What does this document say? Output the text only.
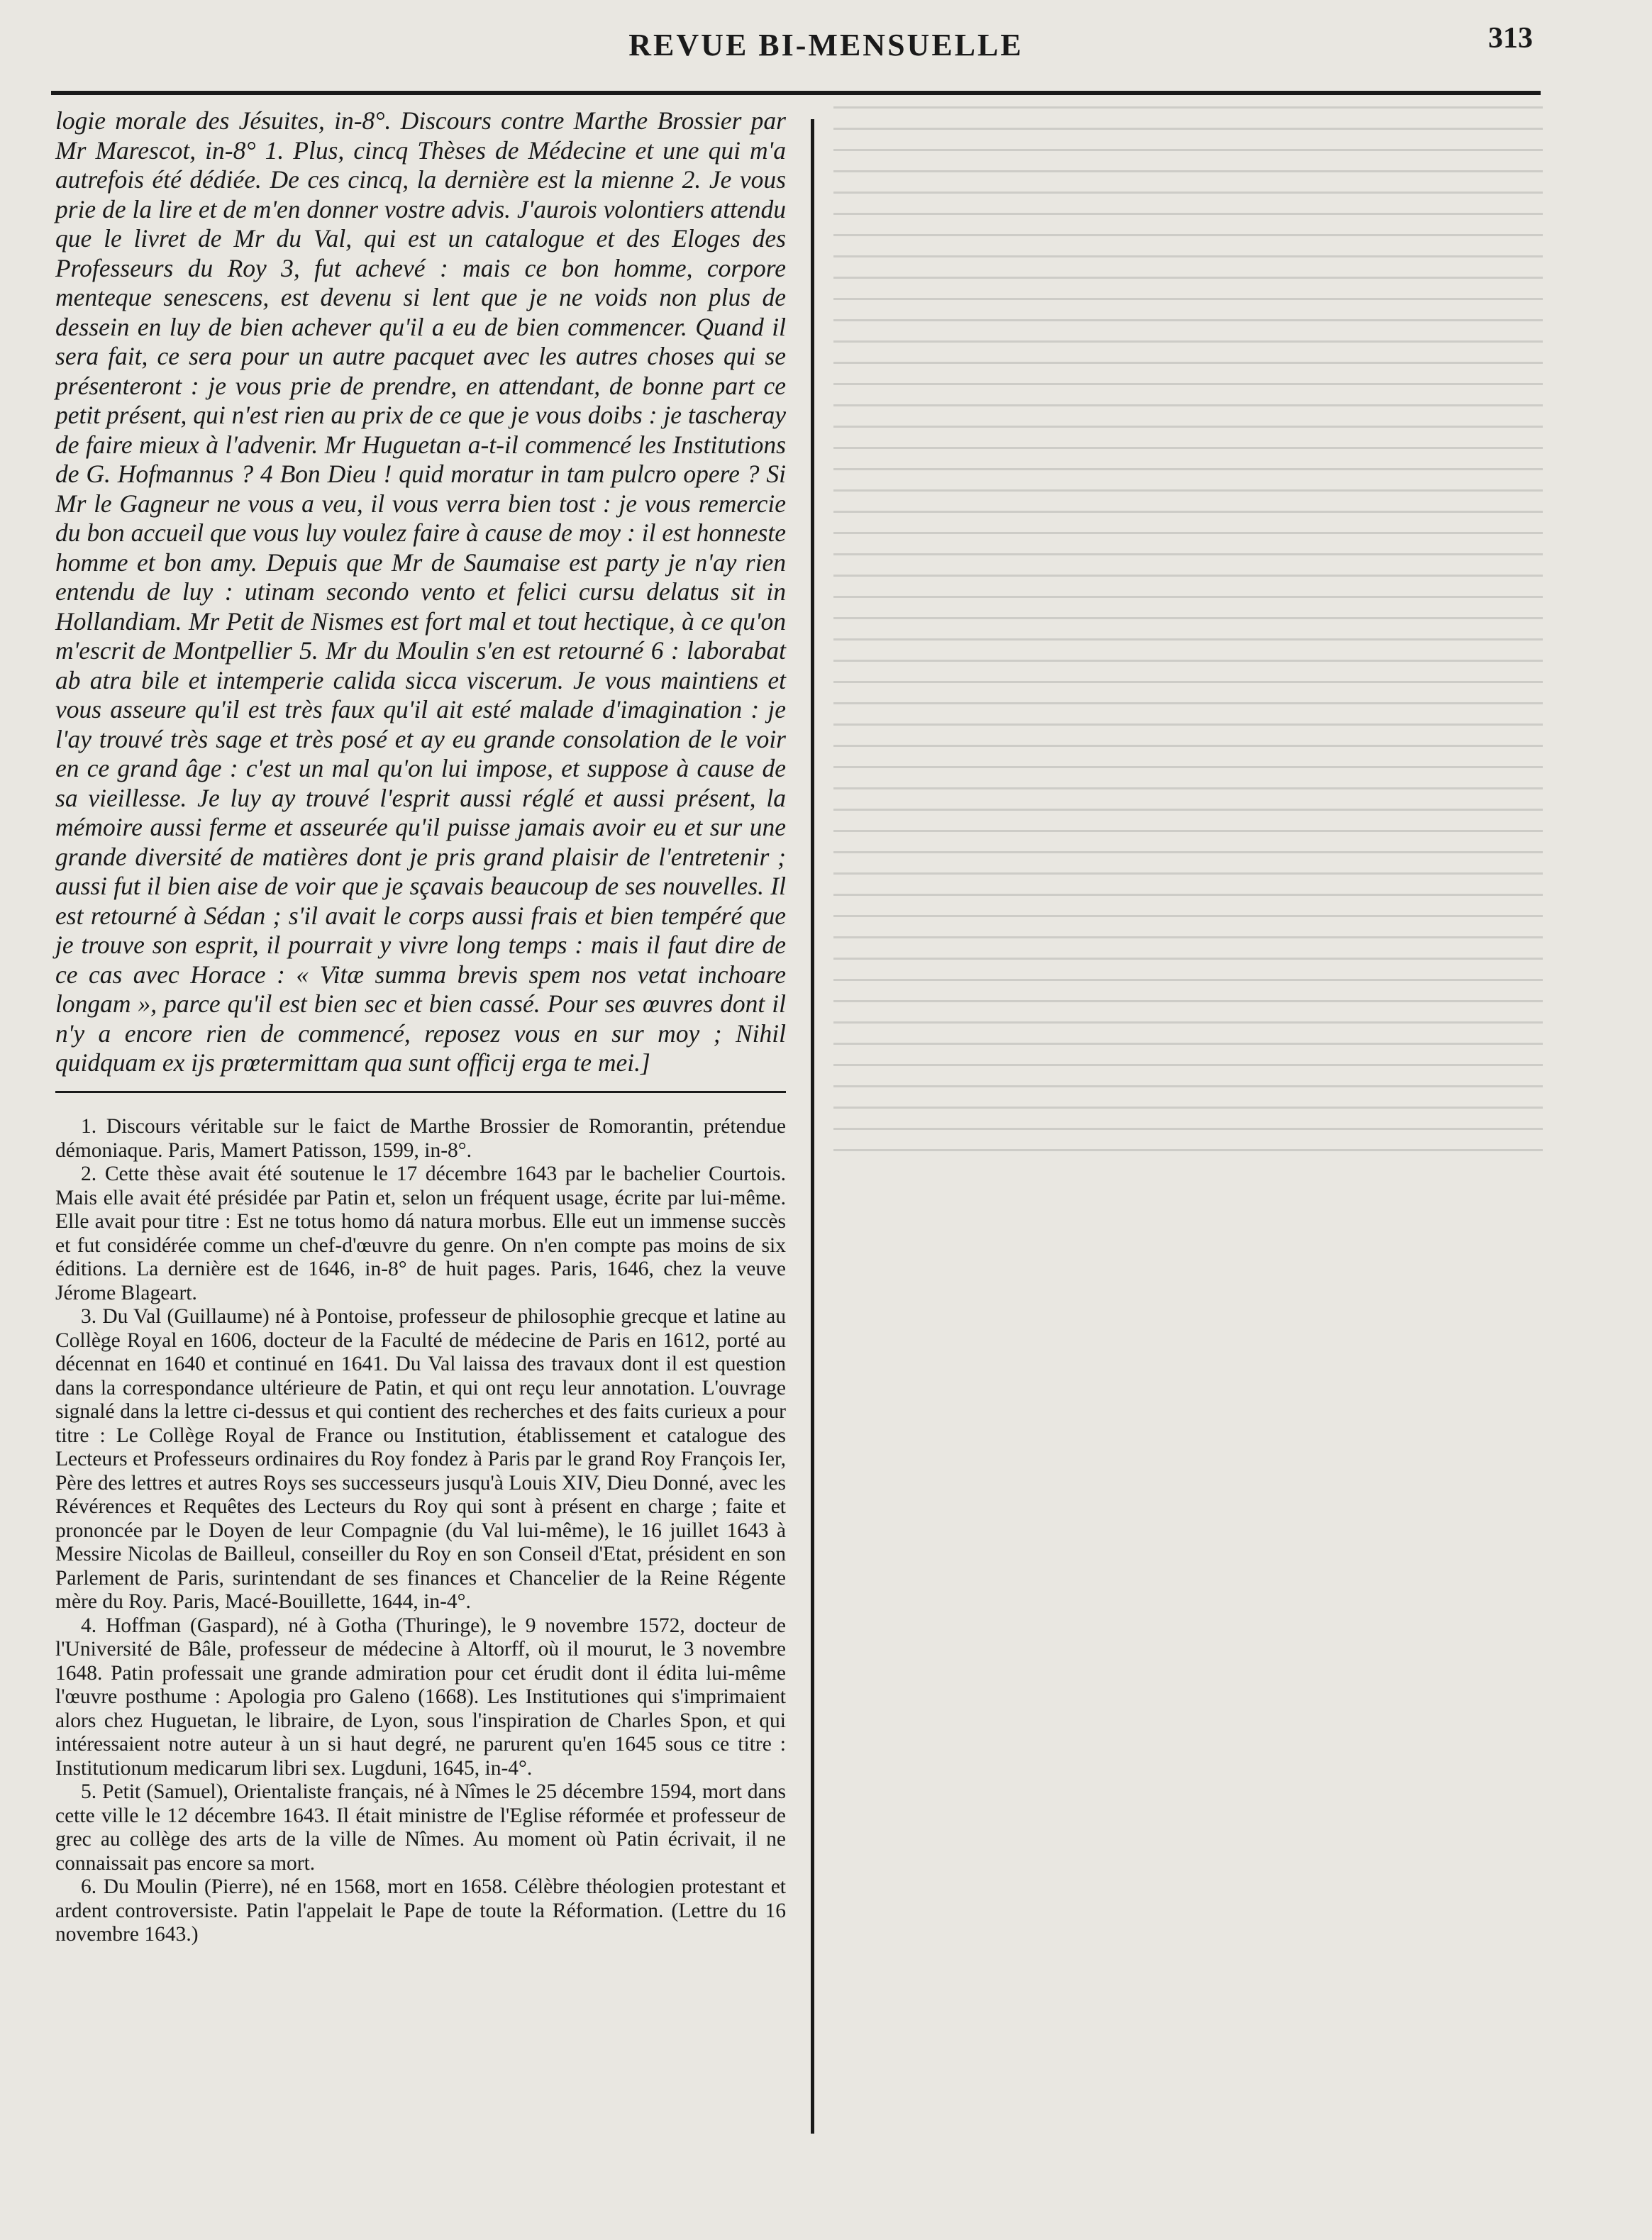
REVUE BI-MENSUELLE	313

logie morale des Jésuites, in-8°. Discours contre Marthe Brossier par Mr Marescot, in-8° 1. Plus, cincq Thèses de Médecine et une qui m'a autrefois été dédiée. De ces cincq, la dernière est la mienne 2. Je vous prie de la lire et de m'en donner vostre advis. J'aurois volontiers attendu que le livret de Mr du Val, qui est un catalogue et des Eloges des Professeurs du Roy 3, fut achevé : mais ce bon homme, corpore menteque senescens, est devenu si lent que je ne voids non plus de dessein en luy de bien achever qu'il a eu de bien commencer. Quand il sera fait, ce sera pour un autre pacquet avec les autres choses qui se présenteront : je vous prie de prendre, en attendant, de bonne part ce petit présent, qui n'est rien au prix de ce que je vous doibs : je tascheray de faire mieux à l'advenir. Mr Huguetan a-t-il commencé les Institutions de G. Hofmannus ? 4 Bon Dieu ! quid moratur in tam pulcro opere ? Si Mr le Gagneur ne vous a veu, il vous verra bien tost : je vous remercie du bon accueil que vous luy voulez faire à cause de moy : il est honneste homme et bon amy. Depuis que Mr de Saumaise est party je n'ay rien entendu de luy : utinam secondo vento et felici cursu delatus sit in Hollandiam. Mr Petit de Nismes est fort mal et tout hectique, à ce qu'on m'escrit de Montpellier 5. Mr du Moulin s'en est retourné 6 : laborabat ab atra bile et intemperie calida sicca viscerum. Je vous maintiens et vous asseure qu'il est très faux qu'il ait esté malade d'imagination : je l'ay trouvé très sage et très posé et ay eu grande consolation de le voir en ce grand âge : c'est un mal qu'on lui impose, et suppose à cause de sa vieillesse. Je luy ay trouvé l'esprit aussi réglé et aussi présent, la mémoire aussi ferme et asseurée qu'il puisse jamais avoir eu et sur une grande diversité de matières dont je pris grand plaisir de l'entretenir ; aussi fut il bien aise de voir que je sçavais beaucoup de ses nouvelles. Il est retourné à Sédan ; s'il avait le corps aussi frais et bien tempéré que je trouve son esprit, il pourrait y vivre long temps : mais il faut dire de ce cas avec Horace : « Vitæ summa brevis spem nos vetat inchoare longam », parce qu'il est bien sec et bien cassé. Pour ses œuvres dont il n'y a encore rien de commencé, reposez vous en sur moy ; Nihil quidquam ex ijs prœtermittam qua sunt officij erga te mei.]

1. Discours véritable sur le faict de Marthe Brossier de Romorantin, prétendue démoniaque. Paris, Mamert Patisson, 1599, in-8°.

2. Cette thèse avait été soutenue le 17 décembre 1643 par le bachelier Courtois. Mais elle avait été présidée par Patin et, selon un fréquent usage, écrite par lui-même. Elle avait pour titre : Est ne totus homo dá natura morbus. Elle eut un immense succès et fut considérée comme un chef-d'œuvre du genre. On n'en compte pas moins de six éditions. La dernière est de 1646, in-8° de huit pages. Paris, 1646, chez la veuve Jérome Blageart.

3. Du Val (Guillaume) né à Pontoise, professeur de philosophie grecque et latine au Collège Royal en 1606, docteur de la Faculté de médecine de Paris en 1612, porté au décennat en 1640 et continué en 1641. Du Val laissa des travaux dont il est question dans la correspondance ultérieure de Patin, et qui ont reçu leur annotation. L'ouvrage signalé dans la lettre ci-dessus et qui contient des recherches et des faits curieux a pour titre : Le Collège Royal de France ou Institution, établissement et catalogue des Lecteurs et Professeurs ordinaires du Roy fondez à Paris par le grand Roy François Ier, Père des lettres et autres Roys ses successeurs jusqu'à Louis XIV, Dieu Donné, avec les Révérences et Requêtes des Lecteurs du Roy qui sont à présent en charge ; faite et prononcée par le Doyen de leur Compagnie (du Val lui-même), le 16 juillet 1643 à Messire Nicolas de Bailleul, conseiller du Roy en son Conseil d'Etat, président en son Parlement de Paris, surintendant de ses finances et Chancelier de la Reine Régente mère du Roy. Paris, Macé-Bouillette, 1644, in-4°.

4. Hoffman (Gaspard), né à Gotha (Thuringe), le 9 novembre 1572, docteur de l'Université de Bâle, professeur de médecine à Altorff, où il mourut, le 3 novembre 1648. Patin professait une grande admiration pour cet érudit dont il édita lui-même l'œuvre posthume : Apologia pro Galeno (1668). Les Institutiones qui s'imprimaient alors chez Huguetan, le libraire, de Lyon, sous l'inspiration de Charles Spon, et qui intéressaient notre auteur à un si haut degré, ne parurent qu'en 1645 sous ce titre : Institutionum medicarum libri sex. Lugduni, 1645, in-4°.

5. Petit (Samuel), Orientaliste français, né à Nîmes le 25 décembre 1594, mort dans cette ville le 12 décembre 1643. Il était ministre de l'Eglise réformée et professeur de grec au collège des arts de la ville de Nîmes. Au moment où Patin écrivait, il ne connaissait pas encore sa mort.

6. Du Moulin (Pierre), né en 1568, mort en 1658. Célèbre théologien protestant et ardent controversiste. Patin l'appelait le Pape de toute la Réformation. (Lettre du 16 novembre 1643.)
